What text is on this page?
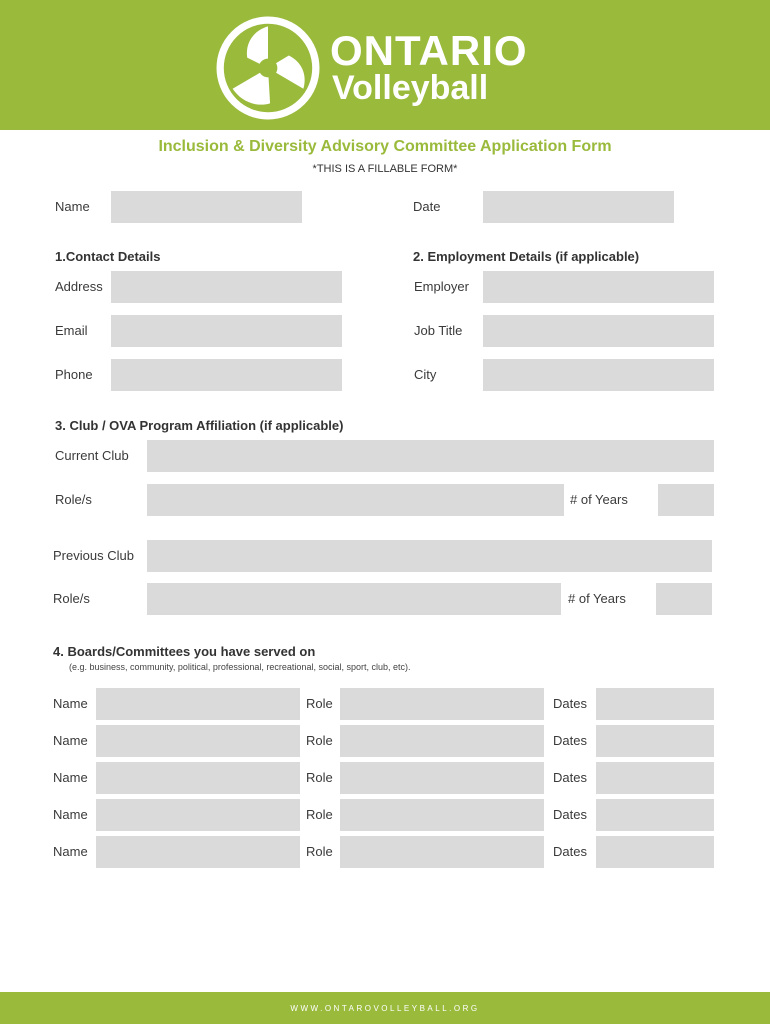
ONTARIO
Volleyball
Inclusion & Diversity Advisory Committee Application Form
*THIS IS A FILLABLE FORM*
Name	Date
1.Contact Details
Address
Email
Phone
2. Employment Details (if applicable)
Employer
Job Title
City
3. Club / OVA Program Affiliation (if applicable)
Current Club
Role/s	# of Years
Previous Club
Role/s	# of Years
4. Boards/Committees you have served on
(e.g. business, community, political, professional, recreational, social, sport, club, etc).
Name	Role	Dates
Name	Role	Dates
Name	Role	Dates
Name	Role	Dates
Name	Role	Dates
WWW.ONTAROVOLLEYBALL.ORG
